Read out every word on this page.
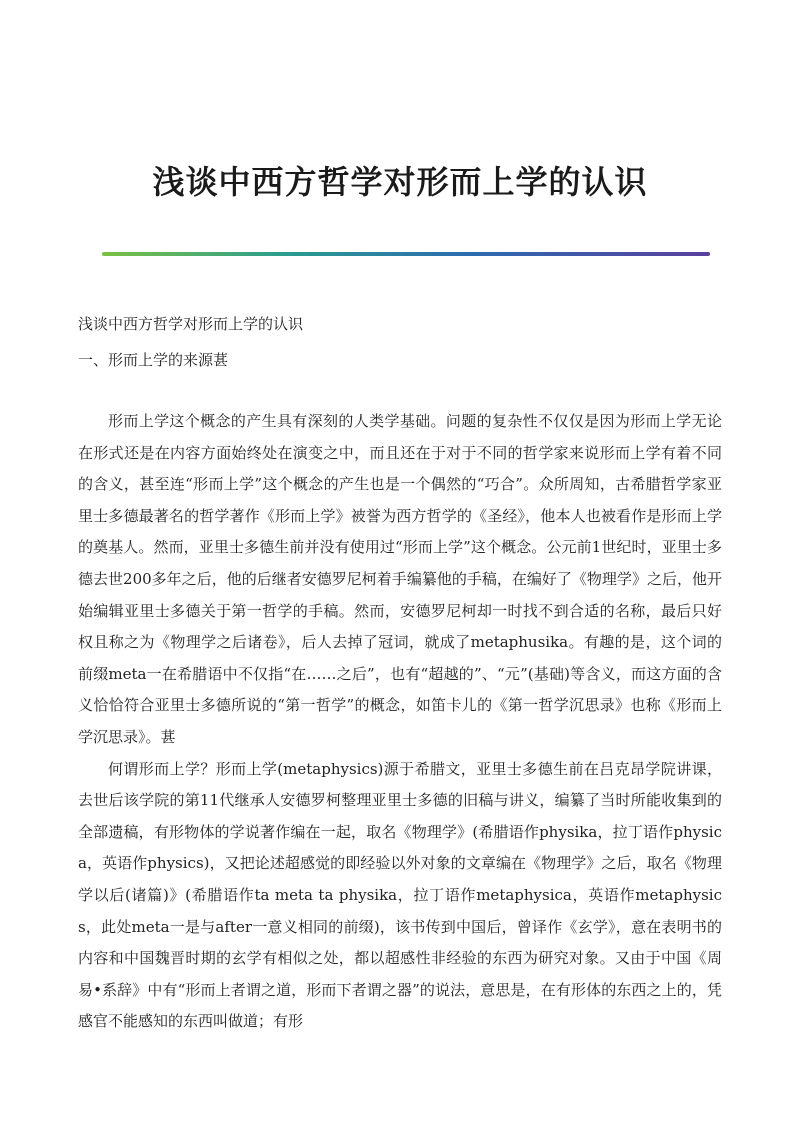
浅谈中西方哲学对形而上学的认识

浅谈中西方哲学对形而上学的认识

一、形而上学的来源葚

形而上学这个概念的产生具有深刻的人类学基础。问题的复杂性不仅仅是因为形而上学无论在形式还是在内容方面始终处在演变之中，而且还在于对于不同的哲学家来说形而上学有着不同的含义，甚至连“形而上学”这个概念的产生也是一个偶然的“巧合”。众所周知，古希腊哲学家亚里士多德最著名的哲学著作《形而上学》被誉为西方哲学的《圣经》，他本人也被看作是形而上学的奠基人。然而，亚里士多德生前并没有使用过“形而上学”这个概念。公元前1世纪时，亚里士多德去世200多年之后，他的后继者安德罗尼柯着手编纂他的手稿，在编好了《物理学》之后，他开始编辑亚里士多德关于第一哲学的手稿。然而，安德罗尼柯却一时找不到合适的名称，最后只好权且称之为《物理学之后诸卷》，后人去掉了冠词，就成了metaphusika。有趣的是，这个词的前缀meta一在希腊语中不仅指“在……之后”，也有“超越的”、“元”(基础)等含义，而这方面的含义恰恰符合亚里士多德所说的“第一哲学”的概念，如笛卡儿的《第一哲学沉思录》也称《形而上学沉思录》。葚

何谓形而上学？形而上学(metaphysics)源于希腊文，亚里士多德生前在吕克昂学院讲课，去世后该学院的第11代继承人安德罗柯整理亚里士多德的旧稿与讲义，编纂了当时所能收集到的全部遗稿，有形物体的学说著作编在一起，取名《物理学》(希腊语作physika，拉丁语作physica，英语作physics)，又把论述超感觉的即经验以外对象的文章编在《物理学》之后，取名《物理学以后(诸篇)》(希腊语作ta meta ta physika，拉丁语作metaphysica，英语作metaphysics，此处meta一是与after一意义相同的前缀)，该书传到中国后，曾译作《玄学》，意在表明书的内容和中国魏晋时期的玄学有相似之处，都以超感性非经验的东西为研究对象。又由于中国《周易•系辞》中有“形而上者谓之道，形而下者谓之器”的说法，意思是，在有形体的东西之上的，凭感官不能感知的东西叫做道；有形
